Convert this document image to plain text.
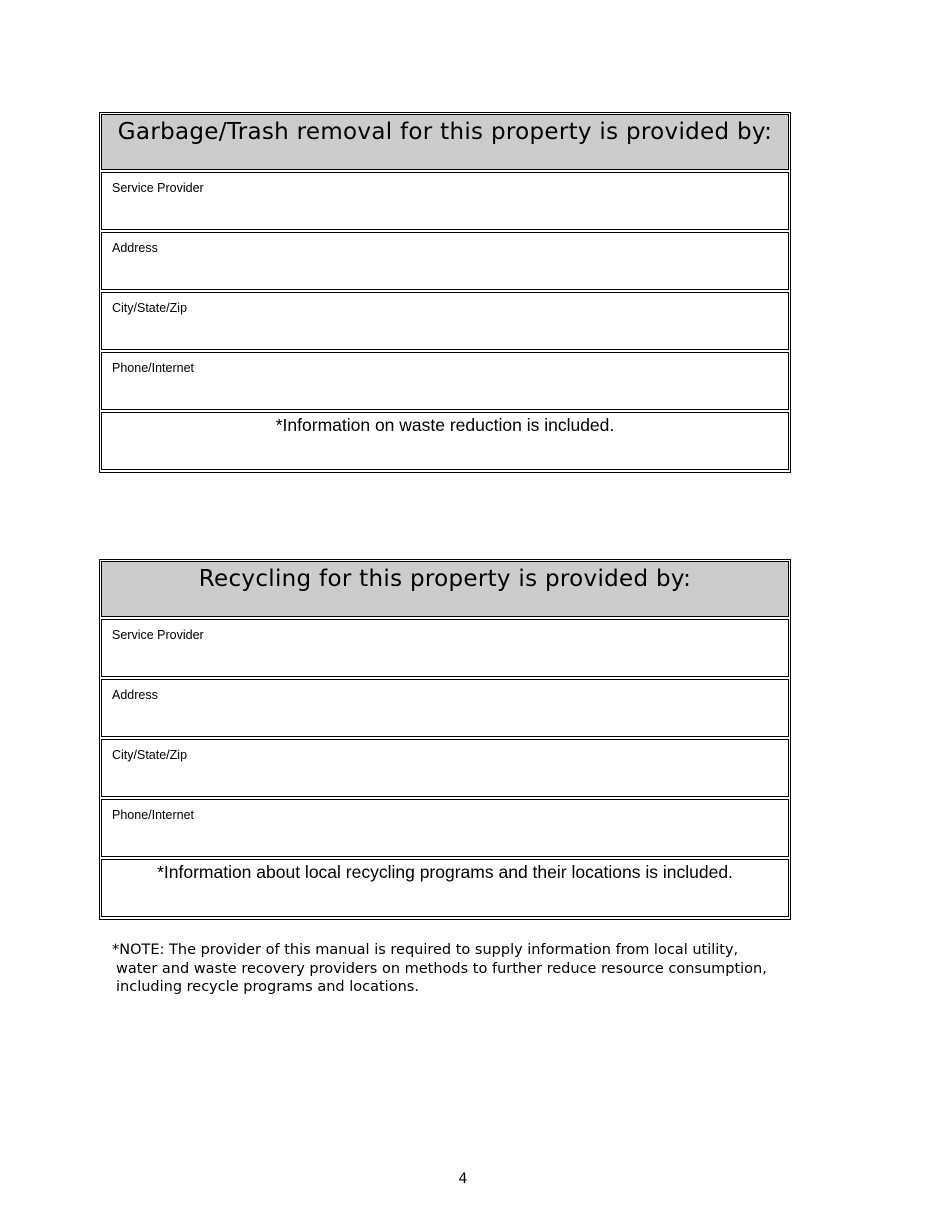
Garbage/Trash removal for this property is provided by:
Service Provider
Address
City/State/Zip
Phone/Internet
*Information on waste reduction is included.
Recycling for this property is provided by:
Service Provider
Address
City/State/Zip
Phone/Internet
*Information about local recycling programs and their locations is included.
*NOTE: The provider of this manual is required to supply information from local utility,
water and waste recovery providers on methods to further reduce resource consumption,
including recycle programs and locations.
4
